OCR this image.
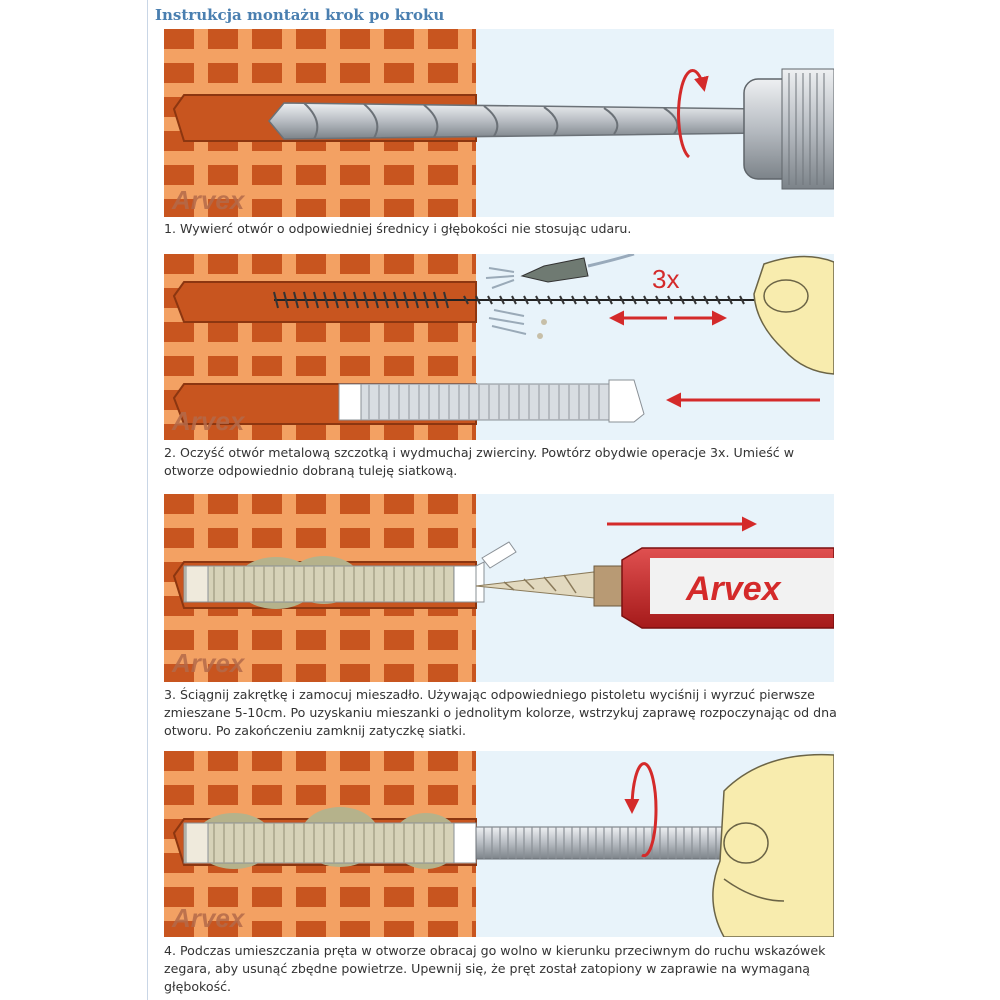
Instrukcja montażu krok po kroku
Arvex
1. Wywierć otwór o odpowiedniej średnicy i głębokości nie stosując udaru.
3x
Arvex
2. Oczyść otwór metalową szczotką i wydmuchaj zwierciny. Powtórz obydwie operacje 3x. Umieść w otworze odpowiednio dobraną tuleję siatkową.
Arvex
Arvex
3. Ściągnij zakrętkę i zamocuj mieszadło. Używając odpowiedniego pistoletu wyciśnij i wyrzuć pierwsze zmieszane 5-10cm. Po uzyskaniu mieszanki o jednolitym kolorze, wstrzykuj zaprawę rozpoczynając od dna otworu. Po zakończeniu zamknij zatyczkę siatki.
Arvex
4. Podczas umieszczania pręta w otworze obracaj go wolno w kierunku przeciwnym do ruchu wskazówek zegara, aby usunąć zbędne powietrze. Upewnij się, że pręt został zatopiony w zaprawie na wymaganą głębokość.
